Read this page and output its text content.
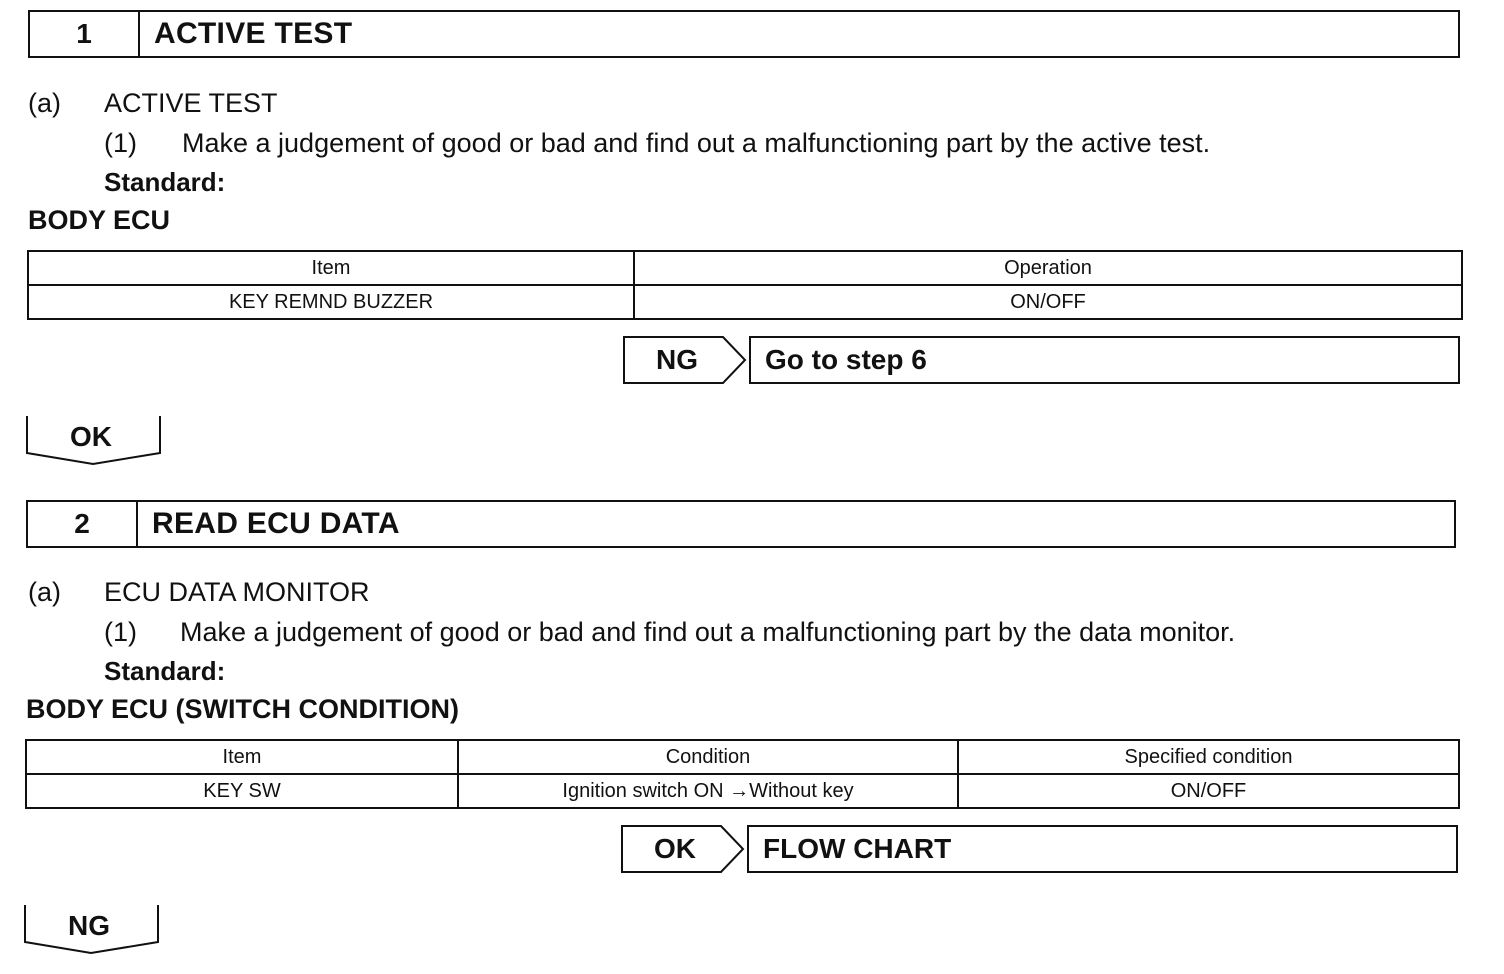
1	ACTIVE TEST
(a) ACTIVE TEST
(1) Make a judgement of good or bad and find out a malfunctioning part by the active test.
Standard:
BODY ECU
Item	Operation
KEY REMND BUZZER	ON/OFF
NG	Go to step 6
OK
2	READ ECU DATA
(a) ECU DATA MONITOR
(1) Make a judgement of good or bad and find out a malfunctioning part by the data monitor.
Standard:
BODY ECU (SWITCH CONDITION)
Item	Condition	Specified condition
KEY SW	Ignition switch ON →Without key	ON/OFF
OK	FLOW CHART
NG
